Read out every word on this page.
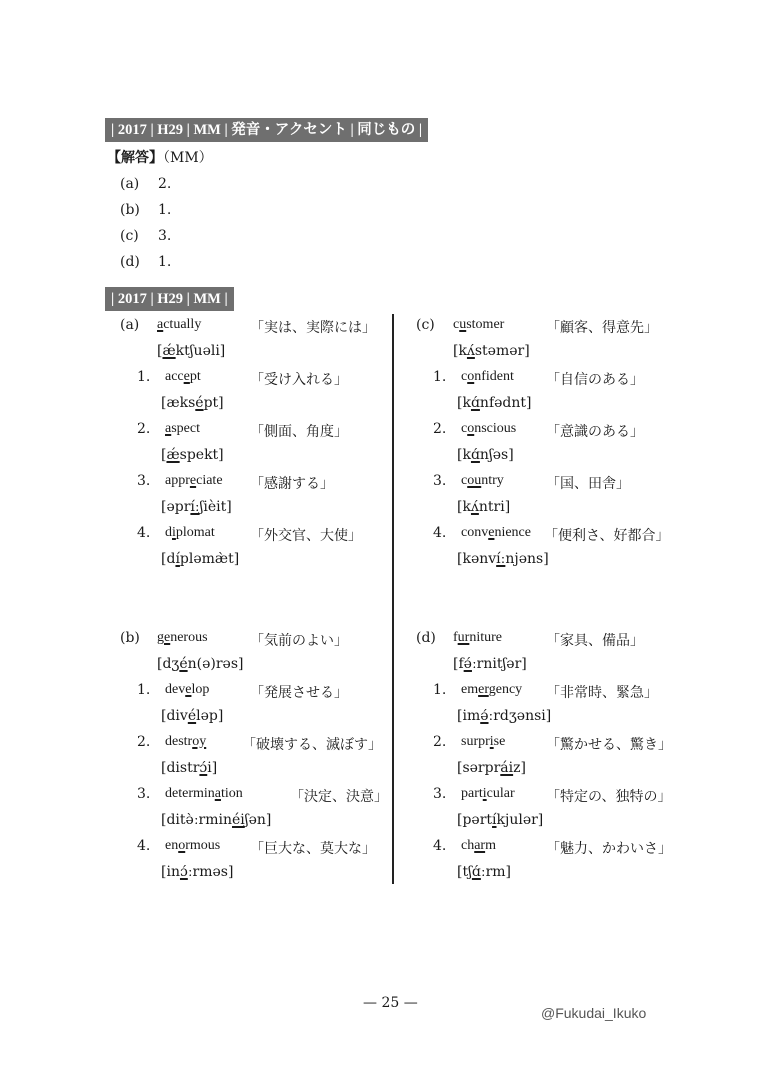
| 2017 | H29 | MM | 発音・アクセント | 同じもの |
【解答】（MM）
(a) 2.
(b) 1.
(c) 3.
(d) 1.
| 2017 | H29 | MM |
(a) actually	「実は、実際には」
[ǽktʃuəli]
1. accept	「受け入れる」
[æksépt]
2. aspect	「側面、角度」
[ǽspekt]
3. appreciate 「感謝する」
[əpríːʃièit]
4. diplomat	「外交官、大使」
[dípləmæ̀t]
(c) customer	「顧客、得意先」
[kʌ́stəmər]
1. confident 「自信のある」
[kɑ́nfədnt]
2. conscious 「意識のある」
[kɑ́nʃəs]
3. country	「国、田舎」
[kʌ́ntri]
4. convenience 「便利さ、好都合」
[kənvíːnjəns]
(b) generous	「気前のよい」
[dʒén(ə)rəs]
1. develop	「発展させる」
[divéləp]
2. destroy	「破壊する、滅ぼす」
[distrɔ́i]
3. determination	「決定、決意」
[ditə̀ːrminéiʃən]
4. enormous 「巨大な、莫大な」
[inɔ́ːrməs]
(d) furniture	「家具、備品」
[fə́ːrnitʃər]
1. emergency 「非常時、緊急」
[imə́ːrdʒənsi]
2. surprise	「驚かせる、驚き」
[sərpráiz]
3. particular 「特定の、独特の」
[pərtíkjulər]
4. charm	「魅力、かわいさ」
[tʃɑ́ːrm]
— 25 —
@Fukudai_Ikuko
